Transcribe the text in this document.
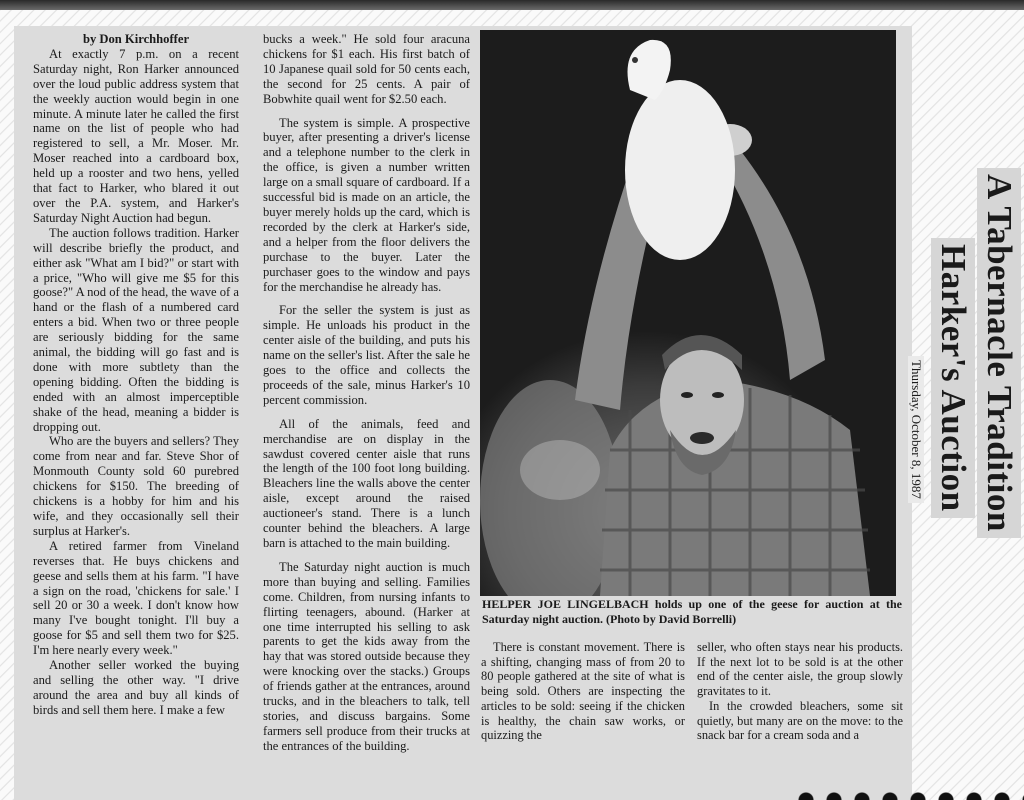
by Don Kirchhoffer

At exactly 7 p.m. on a recent Saturday night, Ron Harker announced over the loud public address system that the weekly auction would begin in one minute. A minute later he called the first name on the list of people who had registered to sell, a Mr. Moser. Mr. Moser reached into a cardboard box, held up a rooster and two hens, yelled that fact to Harker, who blared it out over the P.A. system, and Harker's Saturday Night Auction had begun.

The auction follows tradition. Harker will describe briefly the product, and either ask "What am I bid?" or start with a price, "Who will give me $5 for this goose?" A nod of the head, the wave of a hand or the flash of a numbered card enters a bid. When two or three people are seriously bidding for the same animal, the bidding will go fast and is done with more subtlety than the opening bidding. Often the bidding is ended with an almost imperceptible shake of the head, meaning a bidder is dropping out.

Who are the buyers and sellers? They come from near and far. Steve Shor of Monmouth County sold 60 purebred chickens for $150. The breeding of chickens is a hobby for him and his wife, and they occasionally sell their surplus at Harker's.

A retired farmer from Vineland reverses that. He buys chickens and geese and sells them at his farm. "I have a sign on the road, 'chickens for sale.' I sell 20 or 30 a week. I don't know how many I've bought tonight. I'll buy a goose for $5 and sell them two for $25. I'm here nearly every week."

Another seller worked the buying and selling the other way. "I drive around the area and buy all kinds of birds and sell them here. I make a few

bucks a week." He sold four aracuna chickens for $1 each. His first batch of 10 Japanese quail sold for 50 cents each, the second for 25 cents. A pair of Bobwhite quail went for $2.50 each.

The system is simple. A prospective buyer, after presenting a driver's license and a telephone number to the clerk in the office, is given a number written large on a small square of cardboard. If a successful bid is made on an article, the buyer merely holds up the card, which is recorded by the clerk at Harker's side, and a helper from the floor delivers the purchase to the buyer. Later the purchaser goes to the window and pays for the merchandise he already has.

For the seller the system is just as simple. He unloads his product in the center aisle of the building, and puts his name on the seller's list. After the sale he goes to the office and collects the proceeds of the sale, minus Harker's 10 percent commission.

All of the animals, feed and merchandise are on display in the sawdust covered center aisle that runs the length of the 100 foot long building. Bleachers line the walls above the center aisle, except around the raised auctioneer's stand. There is a lunch counter behind the bleachers. A large barn is attached to the main building.

The Saturday night auction is much more than buying and selling. Families come. Children, from nursing infants to flirting teenagers, abound. (Harker at one time interrupted his selling to ask parents to get the kids away from the hay that was stored outside because they were knocking over the stacks.) Groups of friends gather at the entrances, around trucks, and in the bleachers to talk, tell stories, and discuss bargains. Some farmers sell produce from their trucks at the entrances of the building.

HELPER JOE LINGELBACH holds up one of the geese for auction at the Saturday night auction. (Photo by David Borrelli)

There is constant movement. There is a shifting, changing mass of from 20 to 80 people gathered at the site of what is being sold. Others are inspecting the articles to be sold: seeing if the chicken is healthy, the chain saw works, or quizzing the

seller, who often stays near his products. If the next lot to be sold is at the other end of the center aisle, the group slowly gravitates to it.

In the crowded bleachers, some sit quietly, but many are on the move: to the snack bar for a cream soda and a

A Tabernacle Tradition
Harker's Auction
Thursday, October 8, 1987
